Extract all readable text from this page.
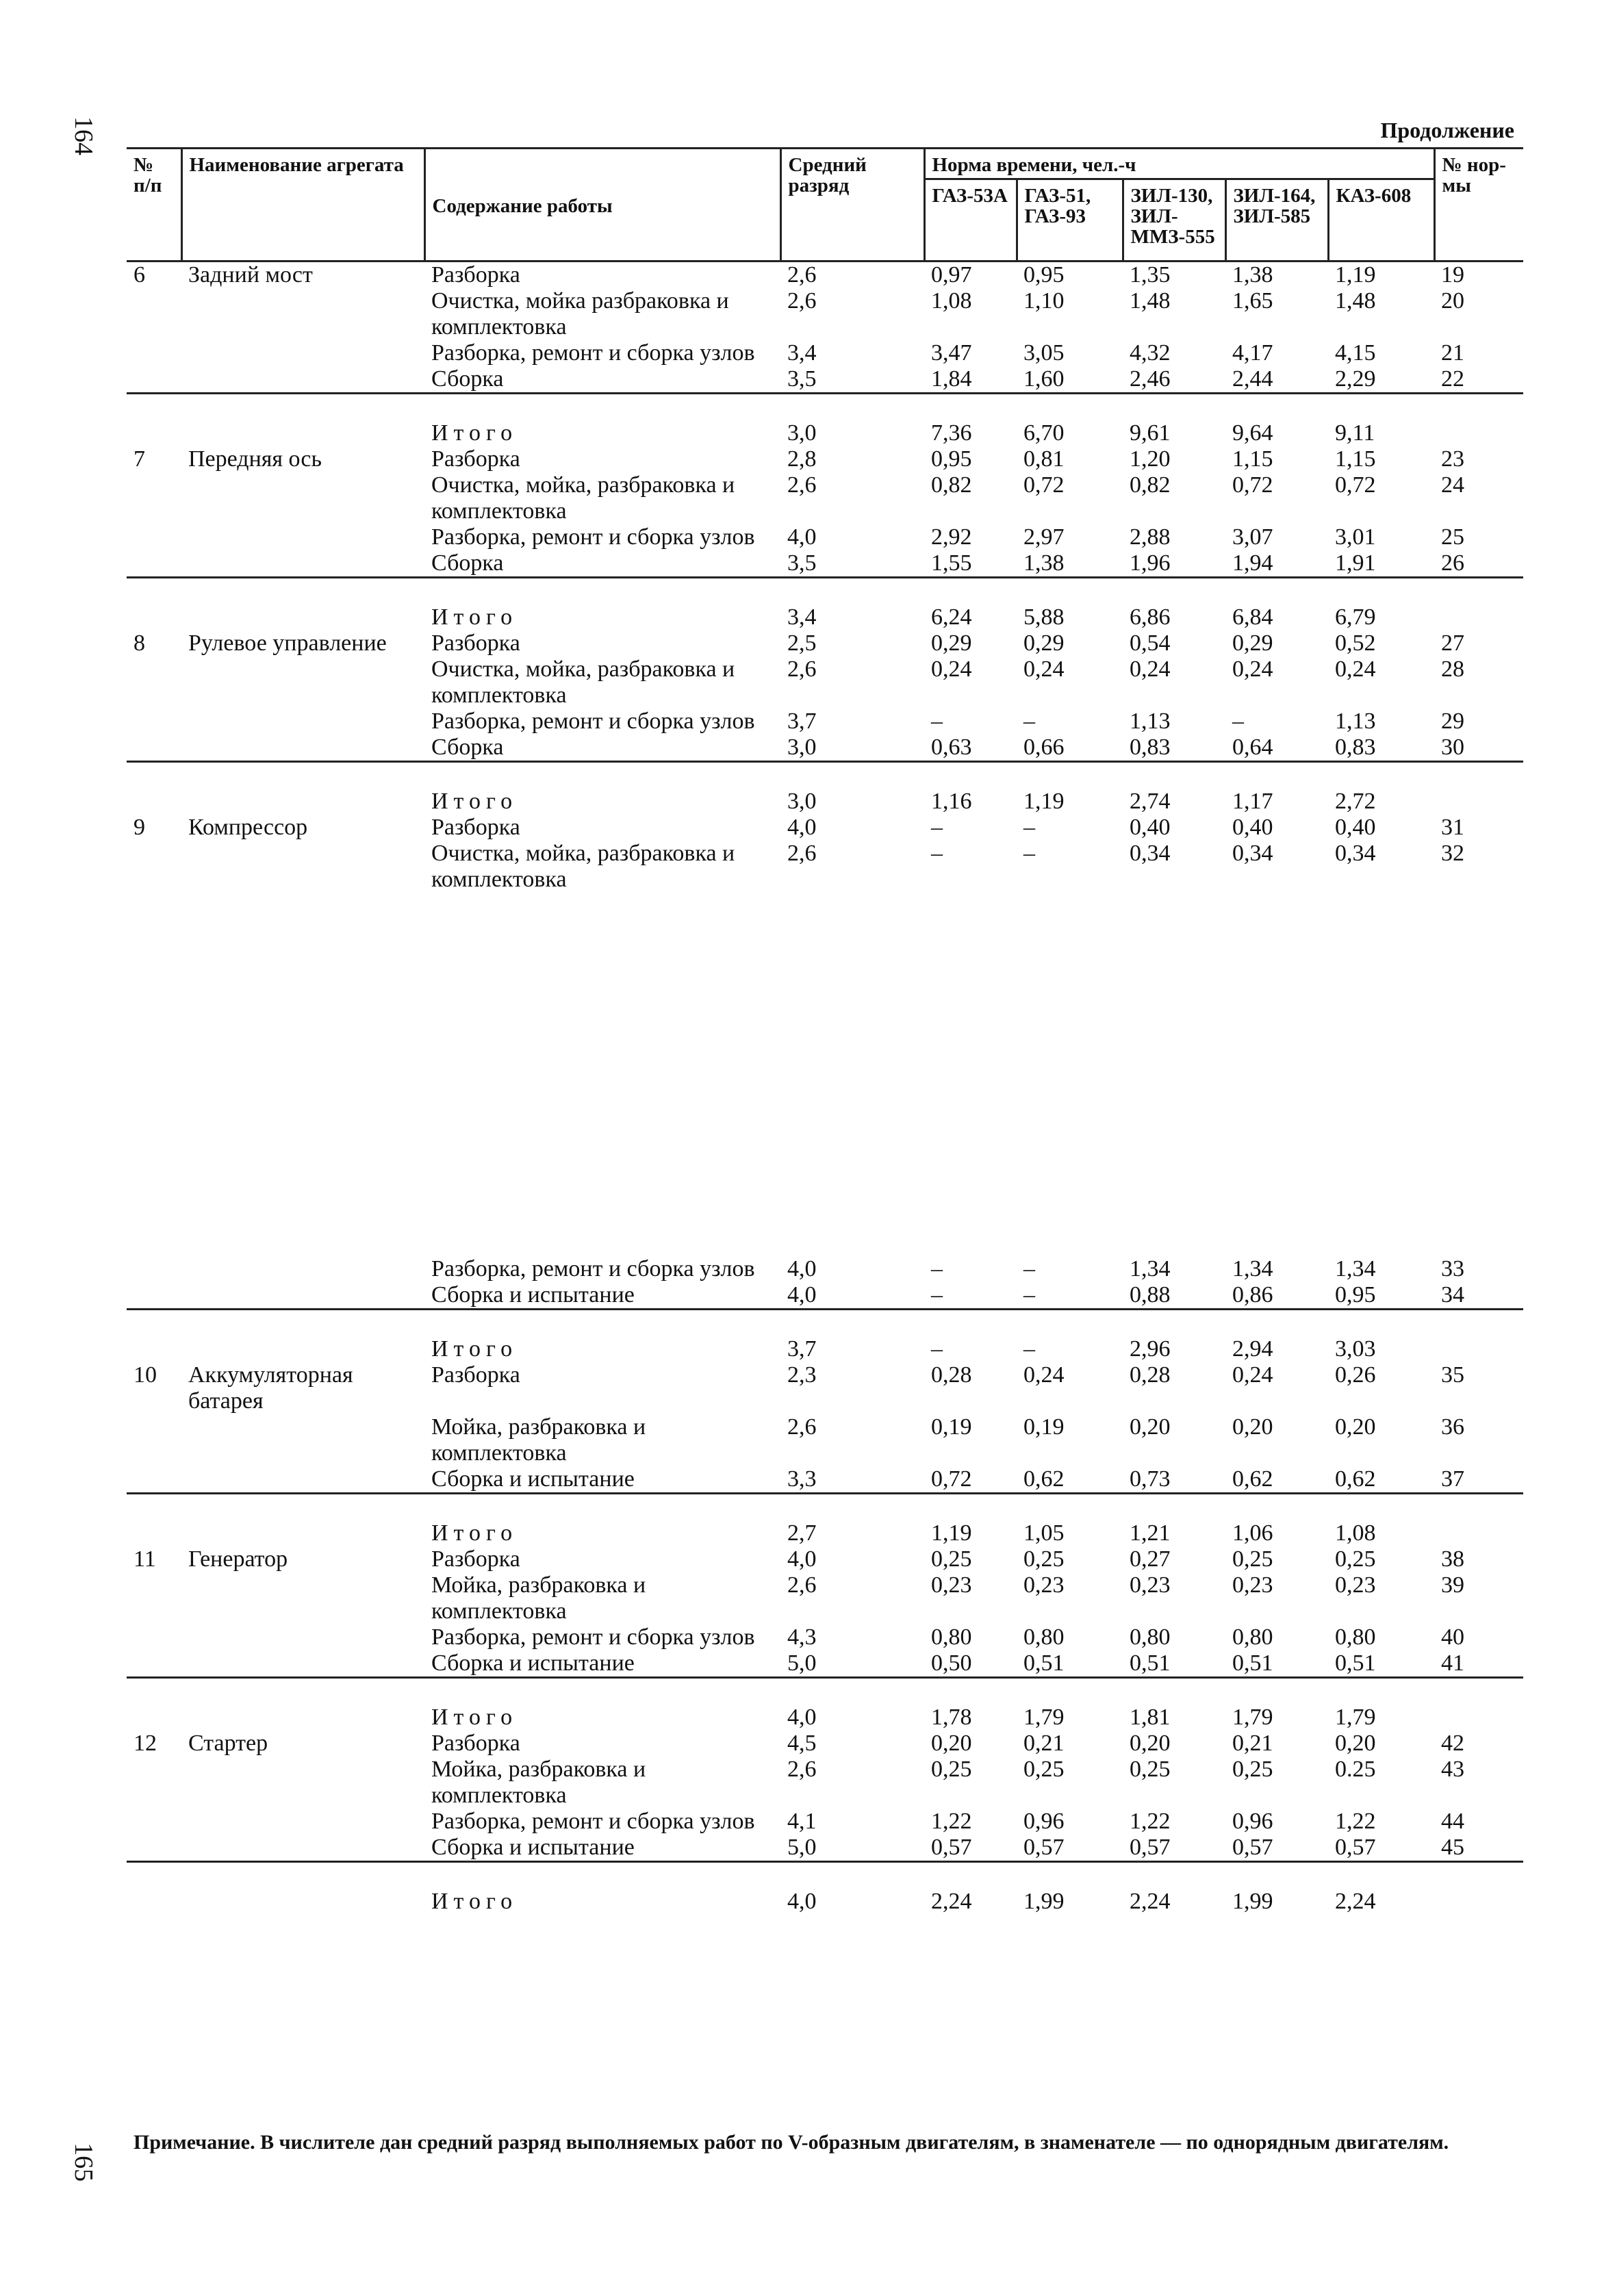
164
165
Продолжение
№ п/п	Наименование агрегата	Содержание работы	Средний разряд	Норма времени, чел.-ч					№ нор-мы
				ГАЗ-53А	ГАЗ-51, ГАЗ-93	ЗИЛ-130, ЗИЛ-ММЗ-555	ЗИЛ-164, ЗИЛ-585	КАЗ-608	
6	Задний мост	Разборка	2,6	0,97	0,95	1,35	1,38	1,19	19
		Очистка, мойка разбраковка и комплектовка	2,6	1,08	1,10	1,48	1,65	1,48	20
		Разборка, ремонт и сборка узлов	3,4	3,47	3,05	4,32	4,17	4,15	21
		Сборка	3,5	1,84	1,60	2,46	2,44	2,29	22

		Итого	3,0	7,36	6,70	9,61	9,64	9,11	
7	Передняя ось	Разборка	2,8	0,95	0,81	1,20	1,15	1,15	23
		Очистка, мойка, разбраковка и комплектовка	2,6	0,82	0,72	0,82	0,72	0,72	24
		Разборка, ремонт и сборка узлов	4,0	2,92	2,97	2,88	3,07	3,01	25
		Сборка	3,5	1,55	1,38	1,96	1,94	1,91	26

		Итого	3,4	6,24	5,88	6,86	6,84	6,79	
8	Рулевое управление	Разборка	2,5	0,29	0,29	0,54	0,29	0,52	27
		Очистка, мойка, разбраковка и комплектовка	2,6	0,24	0,24	0,24	0,24	0,24	28
		Разборка, ремонт и сборка узлов	3,7	–	–	1,13	–	1,13	29
		Сборка	3,0	0,63	0,66	0,83	0,64	0,83	30

		Итого	3,0	1,16	1,19	2,74	1,17	2,72	
9	Компрессор	Разборка	4,0	–	–	0,40	0,40	0,40	31
		Очистка, мойка, разбраковка и комплектовка	2,6	–	–	0,34	0,34	0,34	32
		Разборка, ремонт и сборка узлов	4,0	–	–	1,34	1,34	1,34	33
		Сборка и испытание	4,0	–	–	0,88	0,86	0,95	34

		Итого	3,7	–	–	2,96	2,94	3,03	
10	Аккумуляторная батарея	Разборка	2,3	0,28	0,24	0,28	0,24	0,26	35
		Мойка, разбраковка и комплектовка	2,6	0,19	0,19	0,20	0,20	0,20	36
		Сборка и испытание	3,3	0,72	0,62	0,73	0,62	0,62	37

		Итого	2,7	1,19	1,05	1,21	1,06	1,08	
11	Генератор	Разборка	4,0	0,25	0,25	0,27	0,25	0,25	38
		Мойка, разбраковка и комплектовка	2,6	0,23	0,23	0,23	0,23	0,23	39
		Разборка, ремонт и сборка узлов	4,3	0,80	0,80	0,80	0,80	0,80	40
		Сборка и испытание	5,0	0,50	0,51	0,51	0,51	0,51	41

		Итого	4,0	1,78	1,79	1,81	1,79	1,79	
12	Стартер	Разборка	4,5	0,20	0,21	0,20	0,21	0,20	42
		Мойка, разбраковка и комплектовка	2,6	0,25	0,25	0,25	0,25	0.25	43
		Разборка, ремонт и сборка узлов	4,1	1,22	0,96	1,22	0,96	1,22	44
		Сборка и испытание	5,0	0,57	0,57	0,57	0,57	0,57	45

		Итого	4,0	2,24	1,99	2,24	1,99	2,24	
Примечание. В числителе дан средний разряд выполняемых работ по V-образным двигателям, в знаменателе — по однорядным двигателям.
